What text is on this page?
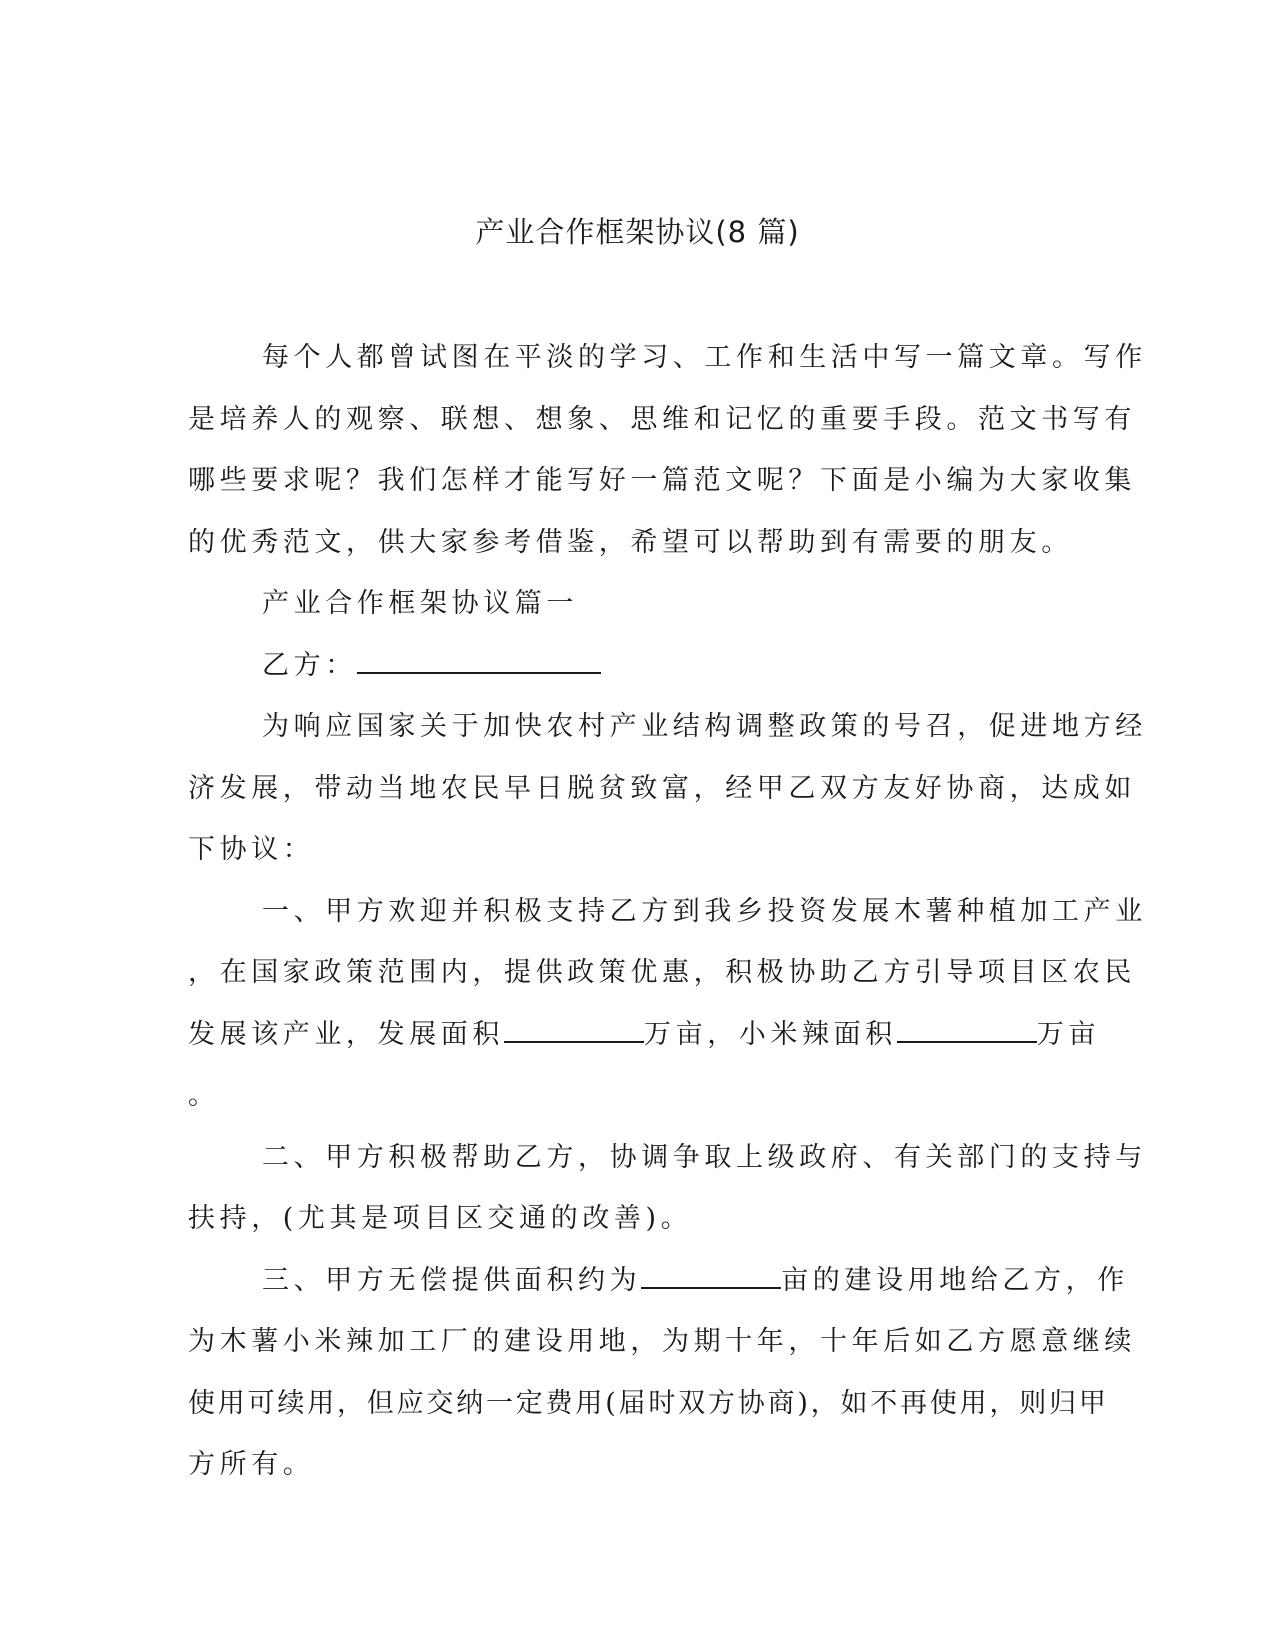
产业合作框架协议(8 篇)
每个人都曾试图在平淡的学习、工作和生活中写一篇文章。写作
是培养人的观察、联想、想象、思维和记忆的重要手段。范文书写有
哪些要求呢？我们怎样才能写好一篇范文呢？下面是小编为大家收集
的优秀范文，供大家参考借鉴，希望可以帮助到有需要的朋友。
产业合作框架协议篇一
乙方：
为响应国家关于加快农村产业结构调整政策的号召，促进地方经
济发展，带动当地农民早日脱贫致富，经甲乙双方友好协商，达成如
下协议：
一、甲方欢迎并积极支持乙方到我乡投资发展木薯种植加工产业
，在国家政策范围内，提供政策优惠，积极协助乙方引导项目区农民
发展该产业，发展面积	万亩，小米辣面积	万亩
。
二、甲方积极帮助乙方，协调争取上级政府、有关部门的支持与
扶持，(尤其是项目区交通的改善)。
三、甲方无偿提供面积约为	亩的建设用地给乙方，作
为木薯小米辣加工厂的建设用地，为期十年，十年后如乙方愿意继续
使用可续用，但应交纳一定费用(届时双方协商)，如不再使用，则归甲
方所有。
